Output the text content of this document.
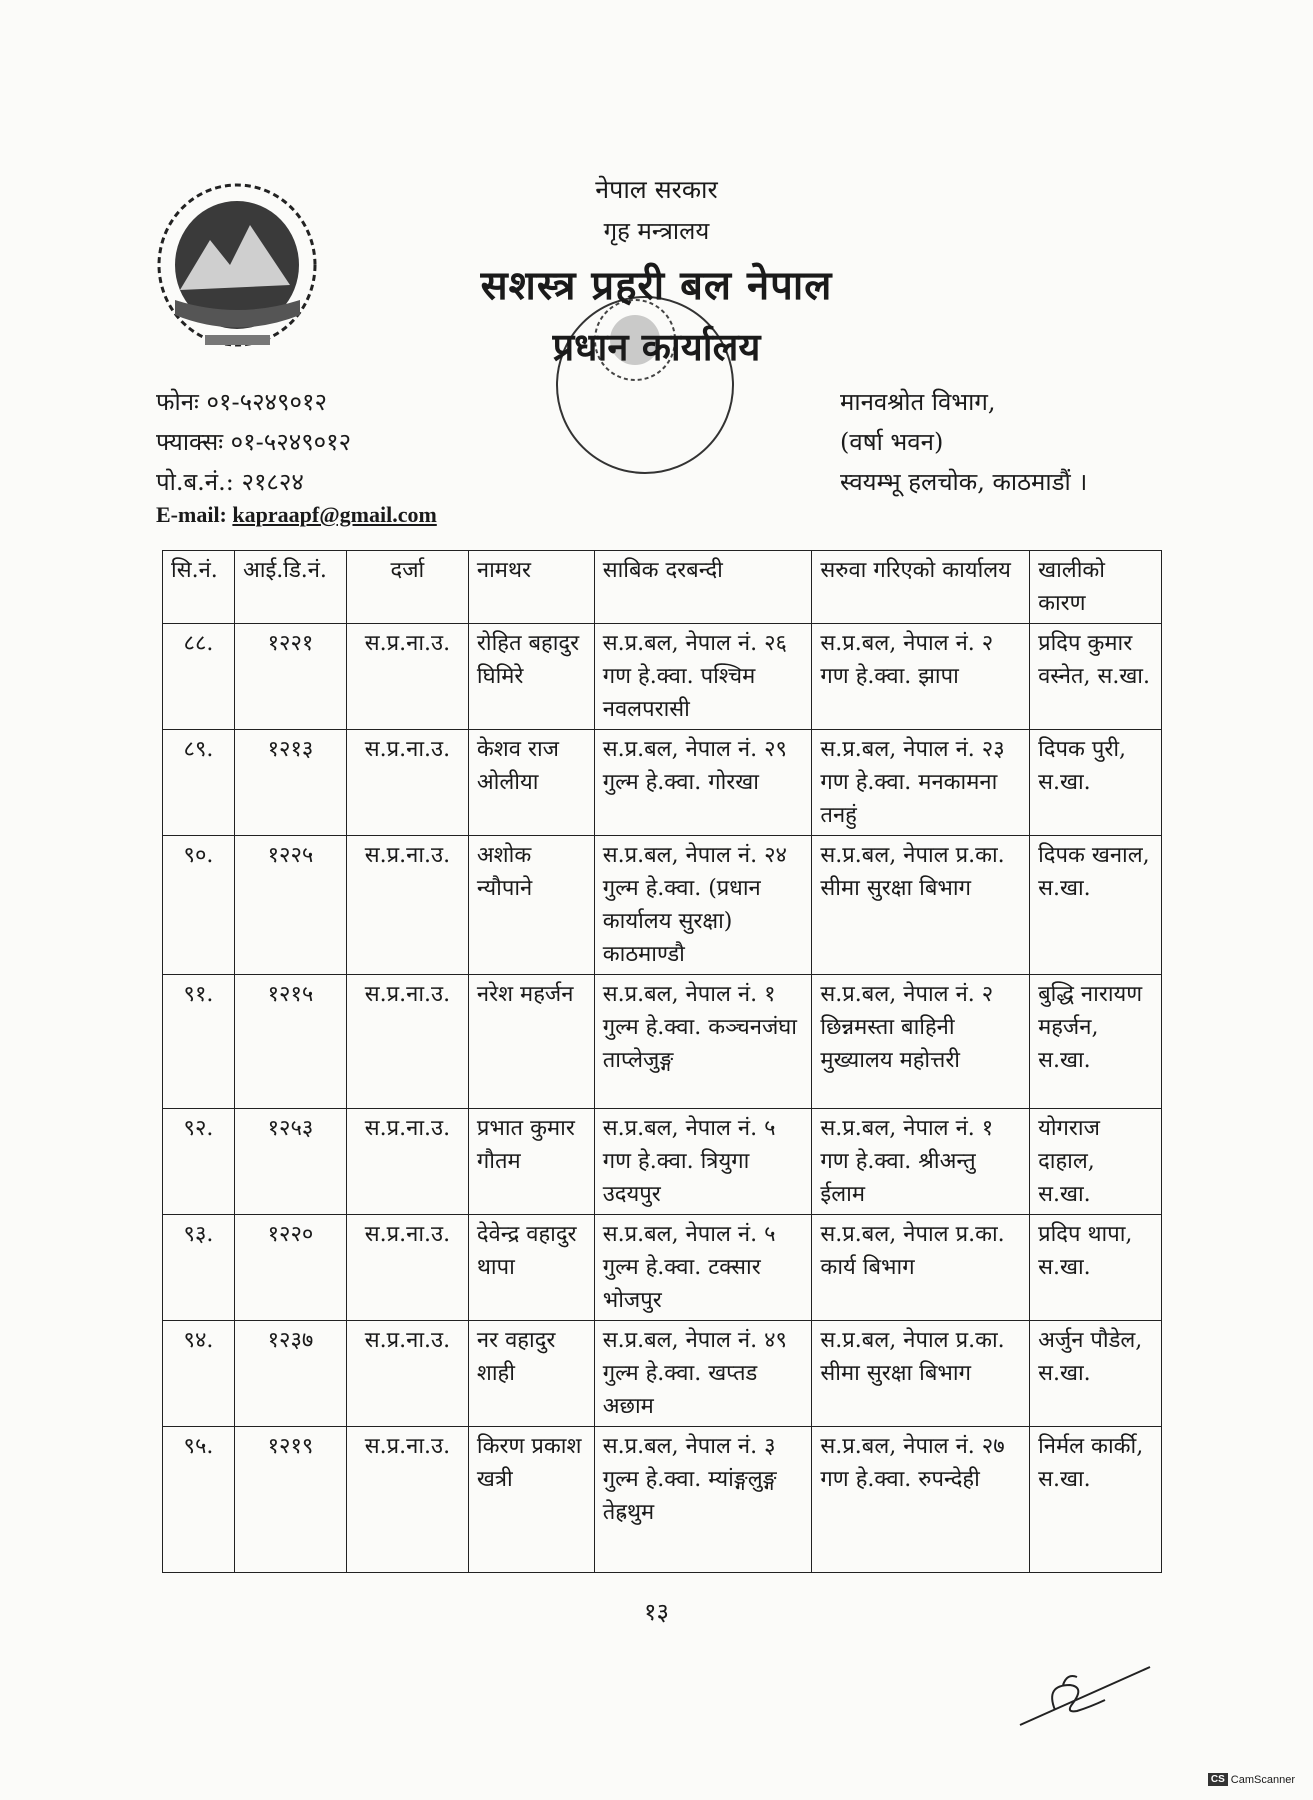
नेपाल सरकार
गृह मन्त्रालय
सशस्त्र प्रहरी बल नेपाल
प्रधान कार्यालय
फोनः ०१-५२४९०१२
फ्याक्सः ०१-५२४९०१२
पो.ब.नं.: २१८२४
E-mail: kapraapf@gmail.com
मानवश्रोत विभाग,
(वर्षा भवन)
स्वयम्भू हलचोक, काठमाडौं ।
सि.नं.	आई.डि.नं.	दर्जा	नामथर	साबिक दरबन्दी	सरुवा गरिएको कार्यालय	खालीको कारण
८८.	१२२१	स.प्र.ना.उ.	रोहित बहादुर घिमिरे	स.प्र.बल, नेपाल नं. २६ गण हे.क्वा. पश्चिम नवलपरासी	स.प्र.बल, नेपाल नं. २ गण हे.क्वा. झापा	प्रदिप कुमार वस्नेत, स.खा.
८९.	१२१३	स.प्र.ना.उ.	केशव राज ओलीया	स.प्र.बल, नेपाल नं. २९ गुल्म हे.क्वा. गोरखा	स.प्र.बल, नेपाल नं. २३ गण हे.क्वा. मनकामना तनहुं	दिपक पुरी, स.खा.
९०.	१२२५	स.प्र.ना.उ.	अशोक न्यौपाने	स.प्र.बल, नेपाल नं. २४ गुल्म हे.क्वा. (प्रधान कार्यालय सुरक्षा) काठमाण्डौ	स.प्र.बल, नेपाल प्र.का. सीमा सुरक्षा बिभाग	दिपक खनाल, स.खा.
९१.	१२१५	स.प्र.ना.उ.	नरेश महर्जन	स.प्र.बल, नेपाल नं. १ गुल्म हे.क्वा. कञ्चनजंघा ताप्लेजुङ्ग	स.प्र.बल, नेपाल नं. २ छिन्नमस्ता बाहिनी मुख्यालय महोत्तरी	बुद्धि नारायण महर्जन, स.खा.
९२.	१२५३	स.प्र.ना.उ.	प्रभात कुमार गौतम	स.प्र.बल, नेपाल नं. ५ गण हे.क्वा. त्रियुगा उदयपुर	स.प्र.बल, नेपाल नं. १ गण हे.क्वा. श्रीअन्तु ईलाम	योगराज दाहाल, स.खा.
९३.	१२२०	स.प्र.ना.उ.	देवेन्द्र वहादुर थापा	स.प्र.बल, नेपाल नं. ५ गुल्म हे.क्वा. टक्सार भोजपुर	स.प्र.बल, नेपाल प्र.का. कार्य बिभाग	प्रदिप थापा, स.खा.
९४.	१२३७	स.प्र.ना.उ.	नर वहादुर शाही	स.प्र.बल, नेपाल नं. ४९ गुल्म हे.क्वा. खप्तड अछाम	स.प्र.बल, नेपाल प्र.का. सीमा सुरक्षा बिभाग	अर्जुन पौडेल, स.खा.
९५.	१२१९	स.प्र.ना.उ.	किरण प्रकाश खत्री	स.प्र.बल, नेपाल नं. ३ गुल्म हे.क्वा. म्यांङ्गलुङ्ग तेह्रथुम	स.प्र.बल, नेपाल नं. २७ गण हे.क्वा. रुपन्देही	निर्मल कार्की, स.खा.
१३
CS CamScanner
